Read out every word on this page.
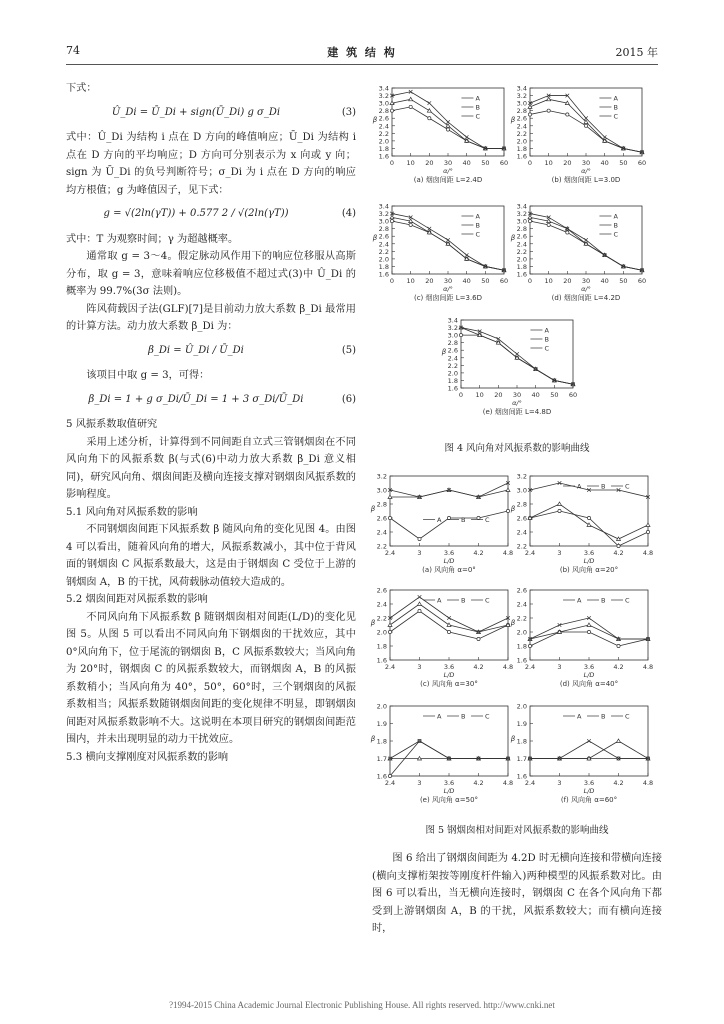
74	建 筑 结 构	2015 年

下式：

Û_Di = Ū_Di + sign(Ū_Di) g σ_Di	(3)

式中：Û_Di 为结构 i 点在 D 方向的峰值响应；Ū_Di 为结构 i 点在 D 方向的平均响应；D 方向可分别表示为 x 向或 y 向；sign 为 Ū_Di 的负号判断符号；σ_Di 为 i 点在 D 方向的响应均方根值；g 为峰值因子，见下式：

g = √(2ln(γT)) + 0.577 2 / √(2ln(γT))	(4)

式中：T 为观察时间；γ 为超越概率。

通常取 g = 3～4。假定脉动风作用下的响应位移服从高斯分布，取 g = 3，意味着响应位移极值不超过式(3)中 Û_Di 的概率为 99.7%(3σ 法则)。

阵风荷载因子法(GLF)[7]是目前动力放大系数 β_Di 最常用的计算方法。动力放大系数 β_Di 为：

β_Di = Û_Di / Ū_Di	(5)

该项目中取 g = 3，可得：

β_Di = 1 + g σ_Di/Ū_Di = 1 + 3 σ_Di/Ū_Di	(6)

5 风振系数取值研究

采用上述分析，计算得到不同间距自立式三管钢烟囱在不同风向角下的风振系数 β(与式(6)中动力放大系数 β_Di 意义相同)，研究风向角、烟囱间距及横向连接支撑对钢烟囱风振系数的影响程度。

5.1 风向角对风振系数的影响

不同钢烟囱间距下风振系数 β 随风向角的变化见图 4。由图 4 可以看出，随着风向角的增大，风振系数减小，其中位于背风面的钢烟囱 C 风振系数最大，这是由于钢烟囱 C 受位于上游的钢烟囱 A，B 的干扰，风荷载脉动值较大造成的。

5.2 烟囱间距对风振系数的影响

不同风向角下风振系数 β 随钢烟囱相对间距(L/D)的变化见图 5。从图 5 可以看出不同风向角下钢烟囱的干扰效应，其中 0°风向角下，位于尾流的钢烟囱 B，C 风振系数较大；当风向角为 20°时，钢烟囱 C 的风振系数较大，而钢烟囱 A，B 的风振系数稍小；当风向角为 40°，50°，60°时，三个钢烟囱的风振系数相当；风振系数随钢烟囱间距的变化规律不明显，即钢烟囱间距对风振系数影响不大。这说明在本项目研究的钢烟囱间距范围内，并未出现明显的动力干扰效应。

5.3 横向支撑刚度对风振系数的影响

1.6
1.8
2.0
2.2
2.4
2.6
2.8
3.0
3.2
3.4
0 10 20 30 40 50 60
α/°
β
(a) 烟囱间距 L=2.4D
A
B
C
1.6
1.8
2.0
2.2
2.4
2.6
2.8
3.0
3.2
3.4
0 10 20 30 40 50 60
α/°
β
(b) 烟囱间距 L=3.0D
A
B
C
1.6
1.8
2.0
2.2
2.4
2.6
2.8
3.0
3.2
3.4
0 10 20 30 40 50 60
α/°
β
(c) 烟囱间距 L=3.6D
A
B
C
1.6
1.8
2.0
2.2
2.4
2.6
2.8
3.0
3.2
3.4
0 10 20 30 40 50 60
α/°
β
(d) 烟囱间距 L=4.2D
A
B
C
1.6
1.8
2.0
2.2
2.4
2.6
2.8
3.0
3.2
3.4
0 10 20 30 40 50 60
α/°
β
(e) 烟囱间距 L=4.8D
A
B
C
2.2
2.4
2.6
2.8
3.0
3.2
2.4	3	3.6	4.2	4.8
L/D
β
(a) 风向角 α=0°
A	B	C
2.2
2.4
2.6
2.8
3.0
3.2
2.4	3	3.6	4.2	4.8
L/D
β
(b) 风向角 α=20°
A	B	C
1.6
1.8
2.0
2.2
2.4
2.6
2.4	3	3.6	4.2	4.8
L/D
β
(c) 风向角 α=30°
A	B	C
1.6
1.8
2.0
2.2
2.4
2.6
2.4	3	3.6	4.2	4.8
L/D
β
(d) 风向角 α=40°
A	B	C
1.6
1.7
1.8
1.9
2.0
2.4	3	3.6	4.2	4.8
L/D
β
(e) 风向角 α=50°
A	B	C
1.6
1.7
1.8
1.9
2.0
2.4	3	3.6	4.2	4.8
L/D
β
(f) 风向角 α=60°
A	B	C
图 4 风向角对风振系数的影响曲线
图 5 钢烟囱相对间距对风振系数的影响曲线
图 6 给出了钢烟囱间距为 4.2D 时无横向连接和带横向连接(横向支撑桁架按等刚度杆件输入)两种模型的风振系数对比。由图 6 可以看出，当无横向连接时，钢烟囱 C 在各个风向角下都受到上游钢烟囱 A，B 的干扰，风振系数较大；而有横向连接时，
?1994-2015 China Academic Journal Electronic Publishing House. All rights reserved. http://www.cnki.net
